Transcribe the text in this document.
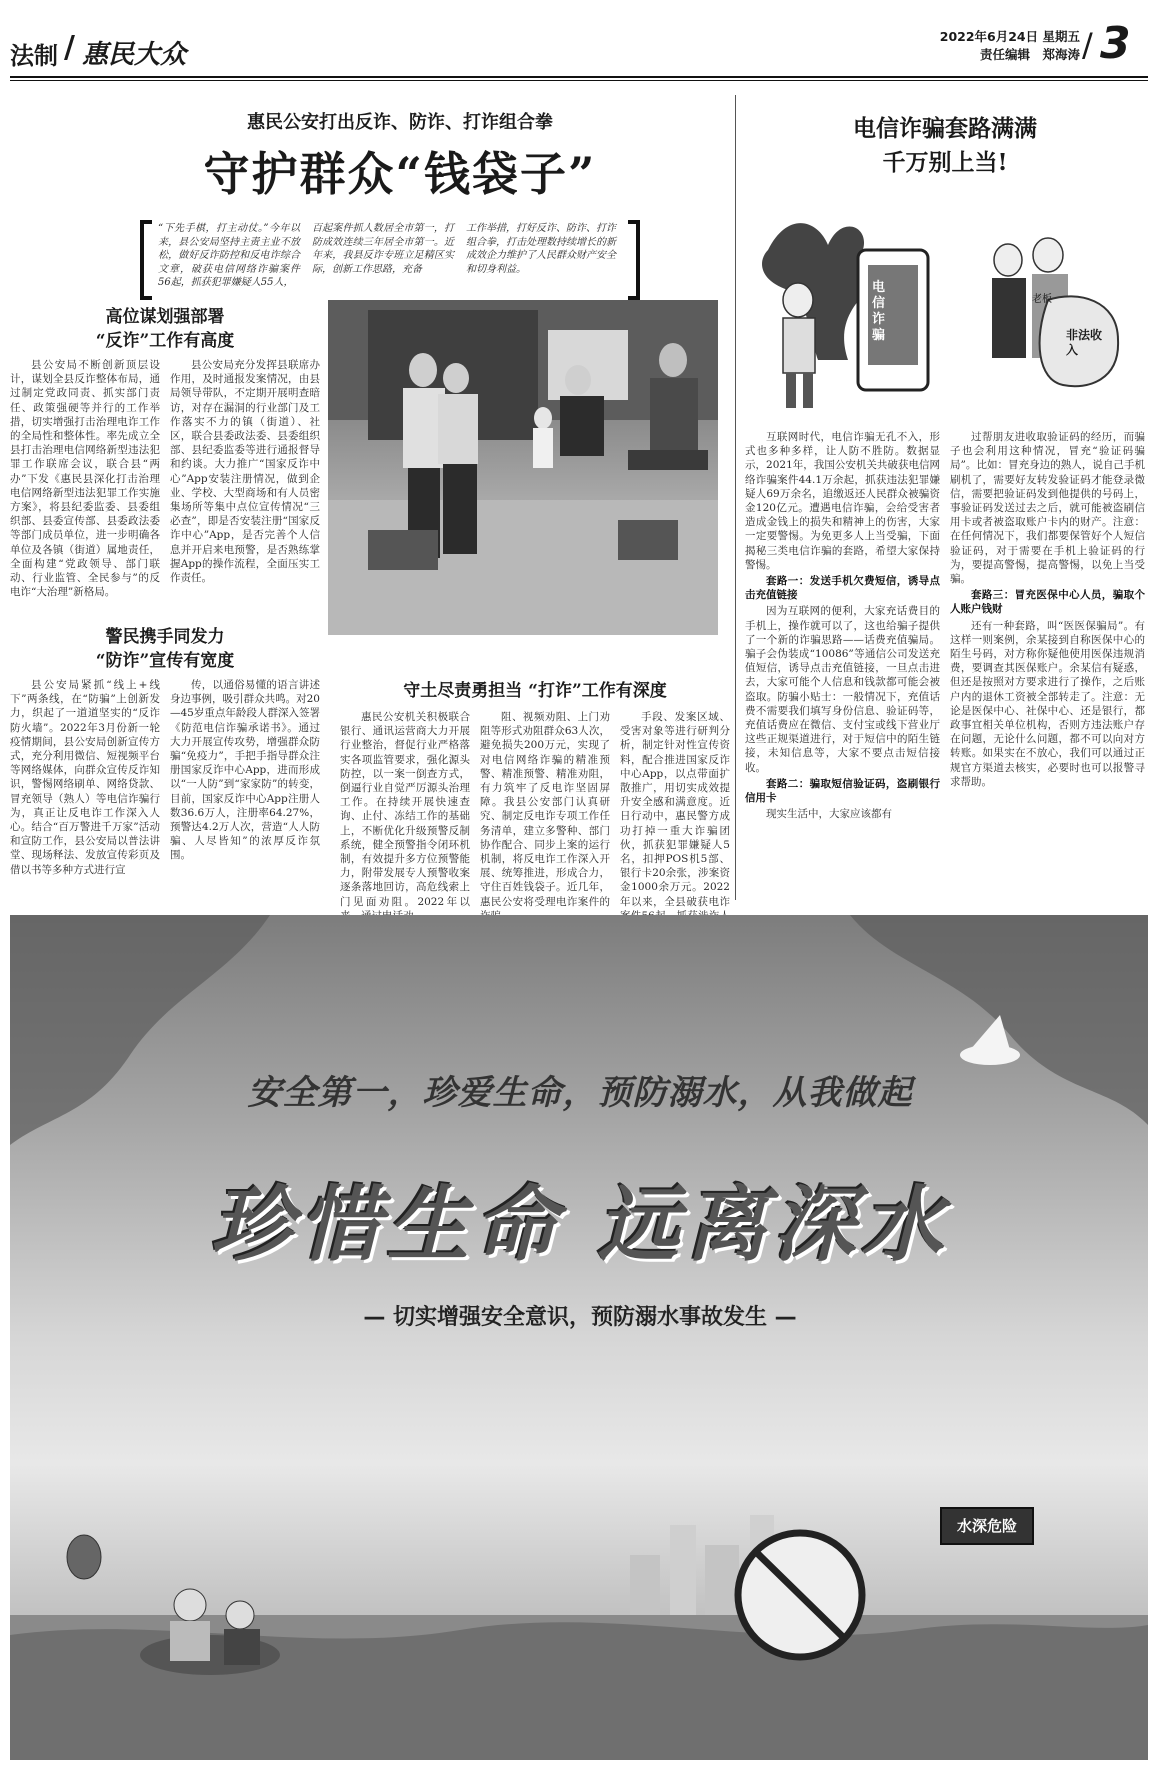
法制 / 惠民大众
2022年6月24日 星期五
责任编辑　郑海涛 3
/
惠民公安打出反诈、防诈、打诈组合拳
守护群众“钱袋子”
“下先手棋，打主动仗。”今年以来，县公安局坚持主责主业不放松，做好反诈防控和反电诈综合文章，破获电信网络诈骗案件56起，抓获犯罪嫌疑人55人，
百起案件抓人数居全市第一，打防成效连续三年居全市第一。近年来，我县反诈专班立足精区实际，创新工作思路，充备
工作举措，打好反诈、防诈、打诈组合拳，打击处理数持续增长的新成效企力维护了人民群众财产安全和切身利益。
高位谋划强部署
“反诈”工作有高度
县公安局不断创新顶层设计，谋划全县反诈整体布局，通过制定党政同责、抓实部门责任、政策强硬等并行的工作举措，切实增强打击治理电诈工作的全局性和整体性。率先成立全县打击治理电信网络新型违法犯罪工作联席会议，联合县“两办”下发《惠民县深化打击治理电信网络新型违法犯罪工作实施方案》，将县纪委监委、县委组织部、县委宣传部、县委政法委等部门成员单位，进一步明确各单位及各镇（街道）属地责任，全面构建“党政领导、部门联动、行业监管、全民参与”的反电诈“大治理”新格局。
县公安局充分发挥县联席办作用，及时通报发案情况，由县局领导带队，不定期开展明查暗访，对存在漏洞的行业部门及工作落实不力的镇（街道）、社区，联合县委政法委、县委组织部、县纪委监委等进行通报督导和约谈。大力推广“国家反诈中心”App安装注册情况，做到企业、学校、大型商场和有人员密集场所等集中点位宣传情况“三必查”，即是否安装注册“国家反诈中心”App，是否完善个人信息并开启来电预警，是否熟练掌握App的操作流程，全面压实工作责任。
警民携手同发力
“防诈”宣传有宽度
县公安局紧抓“线上+线下”两条线，在“防骗”上创新发力，织起了一道道坚实的“反诈防火墙”。2022年3月份新一轮疫情期间，县公安局创新宣传方式，充分利用微信、短视频平台等网络媒体，向群众宣传反诈知识，警惕网络刷单、网络贷款、冒充领导（熟人）等电信诈骗行为，真正让反电诈工作深入人心。结合“百万警进千万家”活动和宣防工作，县公安局以普法讲堂、现场释法、发放宣传彩页及借以书等多种方式进行宣
传，以通俗易懂的语言讲述身边事例，吸引群众共鸣。对20—45岁重点年龄段人群深入签署《防范电信诈骗承诺书》。通过大力开展宣传攻势，增强群众防骗“免疫力”，手把手指导群众注册国家反诈中心App，进而形成以“一人防”到“家家防”的转变，目前，国家反诈中心App注册人数36.6万人，注册率64.27%，预警达4.2万人次，营造“人人防骗、人尽皆知”的浓厚反诈氛围。
守土尽责勇担当 “打诈”工作有深度
惠民公安机关积极联合银行、通讯运营商大力开展行业整治，督促行业严格落实各项监管要求，强化源头防控，以一案一倒查方式，倒逼行业自觉严厉源头治理工作。在持续开展快速查询、止付、冻结工作的基础上，不断优化升级预警反制系统，健全预警指令闭环机制，有效提升多方位预警能力，附带发展专人预警收案逐条落地回访，高危线索上门见面劝阻。2022年以
阻、视频劝阻、上门劝阻等形式劝阻群众63人次，避免损失200万元，实现了对电信网络诈骗的精准预警、精准预警、精准劝阻，有力筑牢了反电诈坚固屏障。我县公安部门认真研究、制定反电诈专项工作任务清单，建立多警种、部门协作配合、同步上案的运行机制，将反电诈工作深入开展、统筹推进，形成合力，守住百姓钱袋子。近几年，惠民公安将受理电诈案件的
手段、发案区域、受害对象等进行研判分析，制定针对性宣传资料，配合推进国家反诈中心App，以点带面扩散推广，用切实成效提升安全感和满意度。近日行动中，惠民警方成功打掉一重大诈骗团伙，抓获犯罪嫌疑人5名，扣押POS机5部、银行卡20余张，涉案资金1000余万元。2022年以来，全县破获电诈
电信诈骗套路满满
千万别上当!
电信诈骗
老板
非法收入

互联网时代，电信诈骗无孔不入，形式也多种多样，让人防不胜防。数据显示，2021年，我国公安机关共破获电信网络诈骗案件44.1万余起，抓获违法犯罪嫌疑人69万余名，追缴返还人民群众被骗资金120亿元。遭遇电信诈骗，会给受害者造成金钱上的损失和精神上的伤害，大家一定要警惕。为免更多人上当受骗，下面揭秘三类电信诈骗的套路，希望大家保持警惕。

套路一：发送手机欠费短信，诱导点击充值链接

因为互联网的便利，大家充话费目的手机上，操作就可以了，这也给骗子提供了一个新的诈骗思路——话费充值骗局。骗子会伪装成“10086”等通信公司发送充值短信，诱导点击充值链接，一旦点击进去，大家可能个人信息和钱款都可能会被盗取。防骗小贴士：一般情况下，充值话费不需要我们填写身份信息、验证码等，充值话费应在微信、支付宝或线下营业厅这些正规渠道进行，对于短信中的陌生链接，未知信息等，大家不要点击短信接收。

套路二：骗取短信验证码，盗刷银行信用卡

现实生活中，大家应该都有

过帮朋友进收取验证码的经历，而骗子也会利用这种情况，冒充“验证码骗局”。比如：冒充身边的熟人，说自己手机刷机了，需要好友转发验证码才能登录微信，需要把验证码发到他提供的号码上，事验证码发送过去之后，就可能被盗刷信用卡或者被盗取账户卡内的财产。注意：在任何情况下，我们都要保管好个人短信验证码，对于需要在手机上验证码的行为，要提高警惕，提高警惕，以免上当受骗。

套路三：冒充医保中心人员，骗取个人账户钱财

还有一种套路，叫“医医保骗局”。有这样一则案例，余某接到自称医保中心的陌生号码，对方称你疑他使用医保违规消费，要调查其医保账户。余某信有疑惑，但还是按照对方要求进行了操作，之后账户内的退休工资被全部转走了。注意：无论是医保中心、社保中心、还是银行，都政事宜相关单位机构，否则方违法账户存在问题，无论什么问题，都不可以向对方转账。如果实在不放心，我们可以通过正规官方渠道去核实，必要时也可以报警寻求帮助。

安全第一，珍爱生命，预防溺水，从我做起
珍惜生命 远离深水
— 切实增强安全意识，预防溺水事故发生 —
水深危险
